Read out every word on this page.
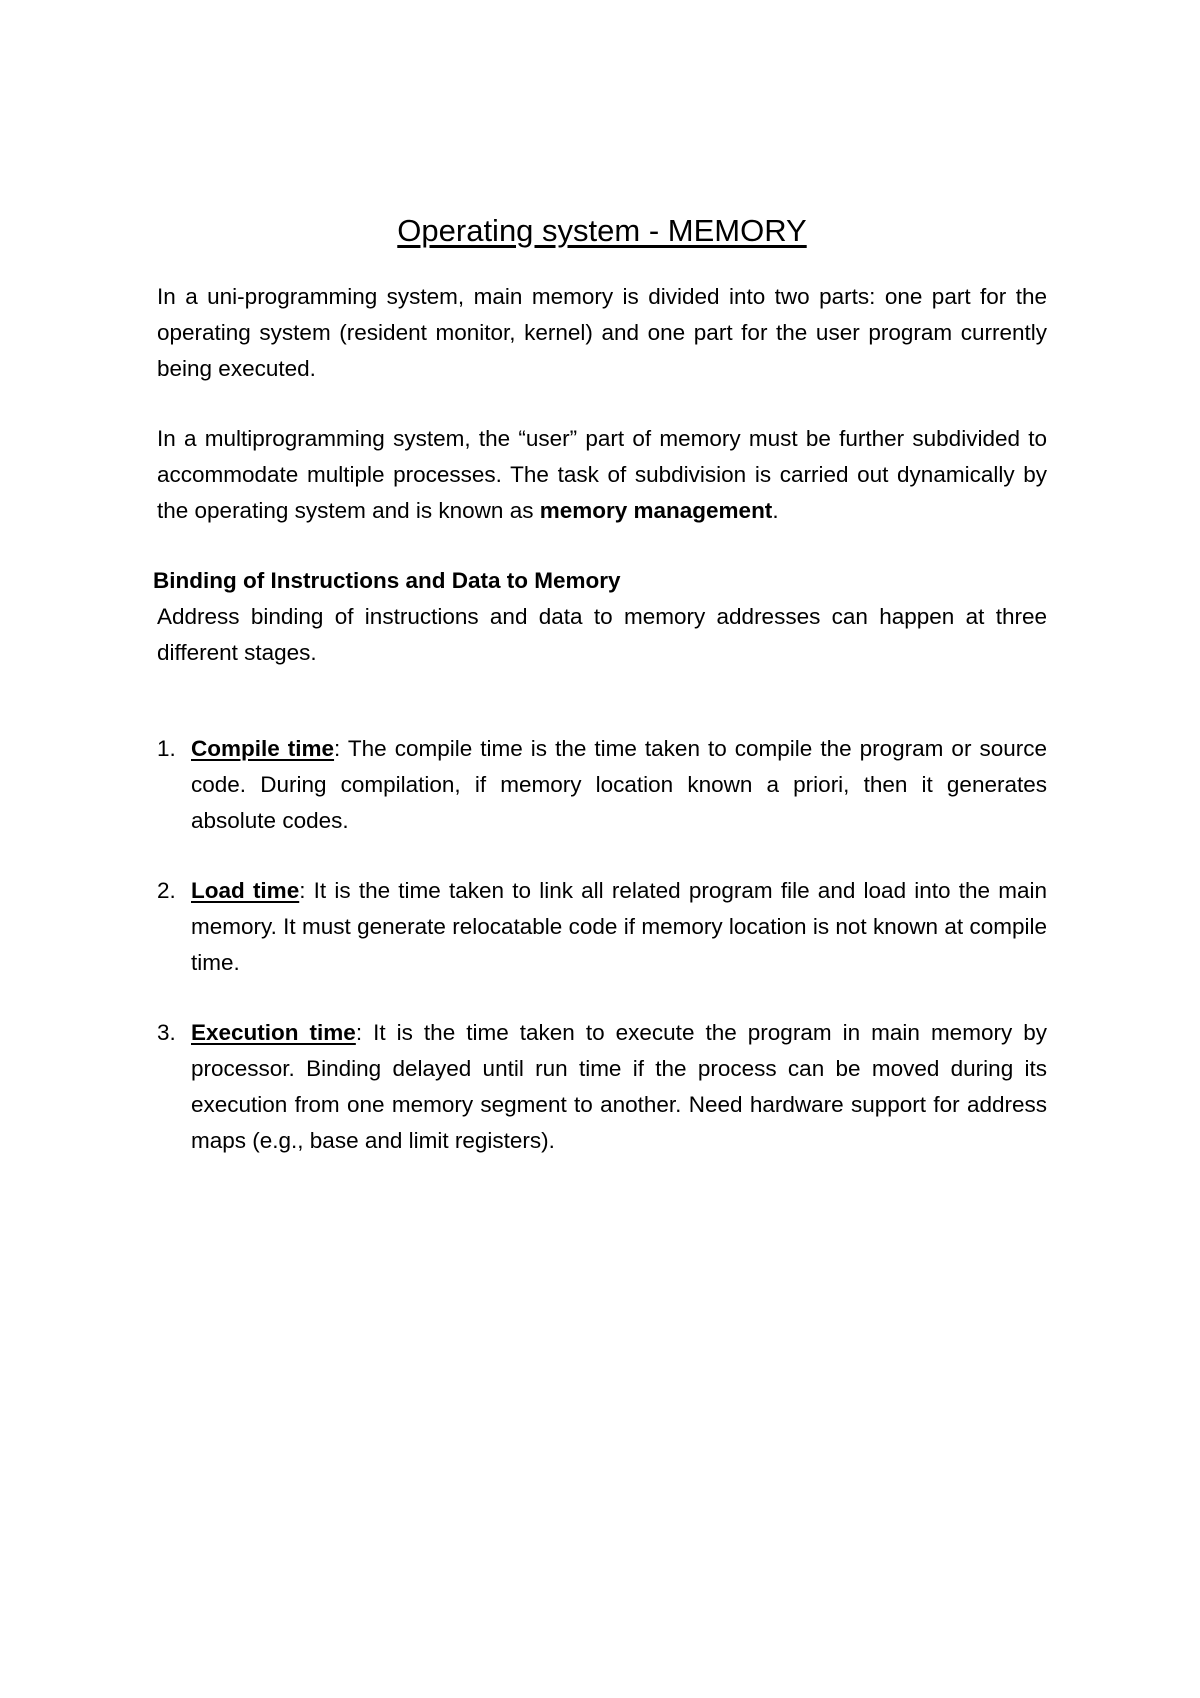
Operating system - MEMORY

In a uni-programming system, main memory is divided into two parts: one part for the operating system (resident monitor, kernel) and one part for the user program currently being executed.

In a multiprogramming system, the “user” part of memory must be further subdivided to accommodate multiple processes. The task of subdivision is carried out dynamically by the operating system and is known as memory management.

Binding of Instructions and Data to Memory

Address binding of instructions and data to memory addresses can happen at three different stages.

1. Compile time: The compile time is the time taken to compile the program or source code. During compilation, if memory location known a priori, then it generates absolute codes.

2. Load time: It is the time taken to link all related program file and load into the main memory. It must generate relocatable code if memory location is not known at compile time.

3. Execution time: It is the time taken to execute the program in main memory by processor. Binding delayed until run time if the process can be moved during its execution from one memory segment to another. Need hardware support for address maps (e.g., base and limit registers).
